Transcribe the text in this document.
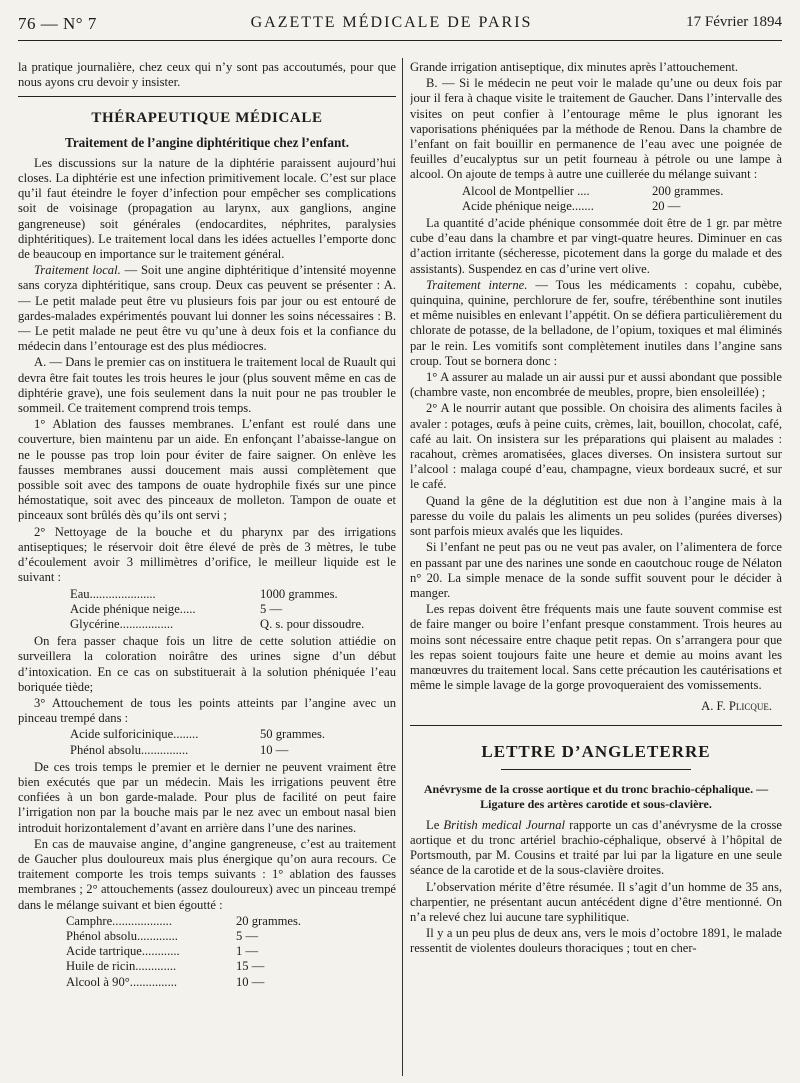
76 — N° 7	GAZETTE MÉDICALE DE PARIS	17 Février 1894

la pratique journalière, chez ceux qui n’y sont pas accoutumés, pour que nous ayons cru devoir y insister.

THÉRAPEUTIQUE MÉDICALE
Traitement de l’angine diphtéritique chez l’enfant.

Les discussions sur la nature de la diphtérie paraissent aujourd’hui closes. La diphtérie est une infection primitivement locale. C’est sur place qu’il faut éteindre le foyer d’infection pour empêcher ses complications soit de voisinage (propagation au larynx, aux ganglions, angine gangreneuse) soit générales (endocardites, néphrites, paralysies diphtéritiques). Le traitement local dans les idées actuelles l’emporte donc de beaucoup en importance sur le traitement général.

Traitement local. — Soit une angine diphtéritique d’intensité moyenne sans coryza diphtéritique, sans croup. Deux cas peuvent se présenter : A. — Le petit malade peut être vu plusieurs fois par jour ou est entouré de gardes-malades expérimentés pouvant lui donner les soins nécessaires : B. — Le petit malade ne peut être vu qu’une à deux fois et la confiance du médecin dans l’entourage est des plus médiocres.

A. — Dans le premier cas on instituera le traitement local de Ruault qui devra être fait toutes les trois heures le jour (plus souvent même en cas de diphtérie grave), une fois seulement dans la nuit pour ne pas troubler le sommeil. Ce traitement comprend trois temps.

1° Ablation des fausses membranes. L’enfant est roulé dans une couverture, bien maintenu par un aide. En enfonçant l’abaisse-langue on ne le pousse pas trop loin pour éviter de faire saigner. On enlève les fausses membranes aussi doucement mais aussi complètement que possible soit avec des tampons de ouate hydrophile fixés sur une pince hémostatique, soit avec des pinceaux de molleton. Tampon de ouate et pinceaux sont brûlés dès qu’ils ont servi ;

2° Nettoyage de la bouche et du pharynx par des irrigations antiseptiques; le réservoir doit être élevé de près de 3 mètres, le tube d’écoulement avoir 3 millimètres d’orifice, le meilleur liquide est le suivant :

Eau.....................	1000 grammes.
Acide phénique neige.....	5 —
Glycérine.................	Q. s. pour dissoudre.

On fera passer chaque fois un litre de cette solution attiédie on surveillera la coloration noirâtre des urines signe d’un début d’intoxication. En ce cas on substituerait à la solution phéniquée l’eau boriquée tiède;

3° Attouchement de tous les points atteints par l’angine avec un pinceau trempé dans :

Acide sulforicinique........	50 grammes.
Phénol absolu...............	10 —

De ces trois temps le premier et le dernier ne peuvent vraiment être bien exécutés que par un médecin. Mais les irrigations peuvent être confiées à un bon garde-malade. Pour plus de facilité on peut faire l’irrigation non par la bouche mais par le nez avec un embout nasal bien introduit horizontalement d’avant en arrière dans l’une des narines.

En cas de mauvaise angine, d’angine gangreneuse, c’est au traitement de Gaucher plus douloureux mais plus énergique qu’on aura recours. Ce traitement comporte les trois temps suivants : 1° ablation des fausses membranes ; 2° attouchements (assez douloureux) avec un pinceau trempé dans le mélange suivant et bien égoutté :

Camphre...................	20 grammes.
Phénol absolu.............	5 —
Acide tartrique............	1 —
Huile de ricin.............	15 —
Alcool à 90°...............	10 —

Grande irrigation antiseptique, dix minutes après l’attouchement.

B. — Si le médecin ne peut voir le malade qu’une ou deux fois par jour il fera à chaque visite le traitement de Gaucher. Dans l’intervalle des visites on peut confier à l’entourage même le plus ignorant les vaporisations phéniquées par la méthode de Renou. Dans la chambre de l’enfant on fait bouillir en permanence de l’eau avec une poignée de feuilles d’eucalyptus sur un petit fourneau à pétrole ou une lampe à alcool. On ajoute de temps à autre une cuillerée du mélange suivant :

Alcool de Montpellier ....	200 grammes.
Acide phénique neige.......	20 —

La quantité d’acide phénique consommée doit être de 1 gr. par mètre cube d’eau dans la chambre et par vingt-quatre heures. Diminuer en cas d’action irritante (sécheresse, picotement dans la gorge du malade et des assistants). Suspendez en cas d’urine vert olive.

Traitement interne. — Tous les médicaments : copahu, cubèbe, quinquina, quinine, perchlorure de fer, soufre, térébenthine sont inutiles et même nuisibles en enlevant l’appétit. On se défiera particulièrement du chlorate de potasse, de la belladone, de l’opium, toxiques et mal éliminés par le rein. Les vomitifs sont complètement inutiles dans l’angine sans croup. Tout se bornera donc :

1° A assurer au malade un air aussi pur et aussi abondant que possible (chambre vaste, non encombrée de meubles, propre, bien ensoleillée) ;

2° A le nourrir autant que possible. On choisira des aliments faciles à avaler : potages, œufs à peine cuits, crèmes, lait, bouillon, chocolat, café, café au lait. On insistera sur les préparations qui plaisent au malades : racahout, crèmes aromatisées, glaces diverses. On insistera surtout sur l’alcool : malaga coupé d’eau, champagne, vieux bordeaux sucré, et sur le café.

Quand la gêne de la déglutition est due non à l’angine mais à la paresse du voile du palais les aliments un peu solides (purées diverses) sont parfois mieux avalés que les liquides.

Si l’enfant ne peut pas ou ne veut pas avaler, on l’alimentera de force en passant par une des narines une sonde en caoutchouc rouge de Nélaton n° 20. La simple menace de la sonde suffit souvent pour le décider à manger.

Les repas doivent être fréquents mais une faute souvent commise est de faire manger ou boire l’enfant presque constamment. Trois heures au moins sont nécessaire entre chaque petit repas. On s’arrangera pour que les repas soient toujours faite une heure et demie au moins avant les manœuvres du traitement local. Sans cette précaution les cautérisations et même le simple lavage de la gorge provoqueraient des vomissements.

A. F. Plicque.
LETTRE D’ANGLETERRE
Anévrysme de la crosse aortique et du tronc brachio-céphalique. — Ligature des artères carotide et sous-clavière.

Le British medical Journal rapporte un cas d’anévrysme de la crosse aortique et du tronc artériel brachio-céphalique, observé à l’hôpital de Portsmouth, par M. Cousins et traité par lui par la ligature en une seule séance de la carotide et de la sous-clavière droites.

L’observation mérite d’être résumée. Il s’agit d’un homme de 35 ans, charpentier, ne présentant aucun antécédent digne d’être mentionné. On n’a relevé chez lui aucune tare syphilitique.

Il y a un peu plus de deux ans, vers le mois d’octobre 1891, le malade ressentit de violentes douleurs thoraciques ; tout en cher-
